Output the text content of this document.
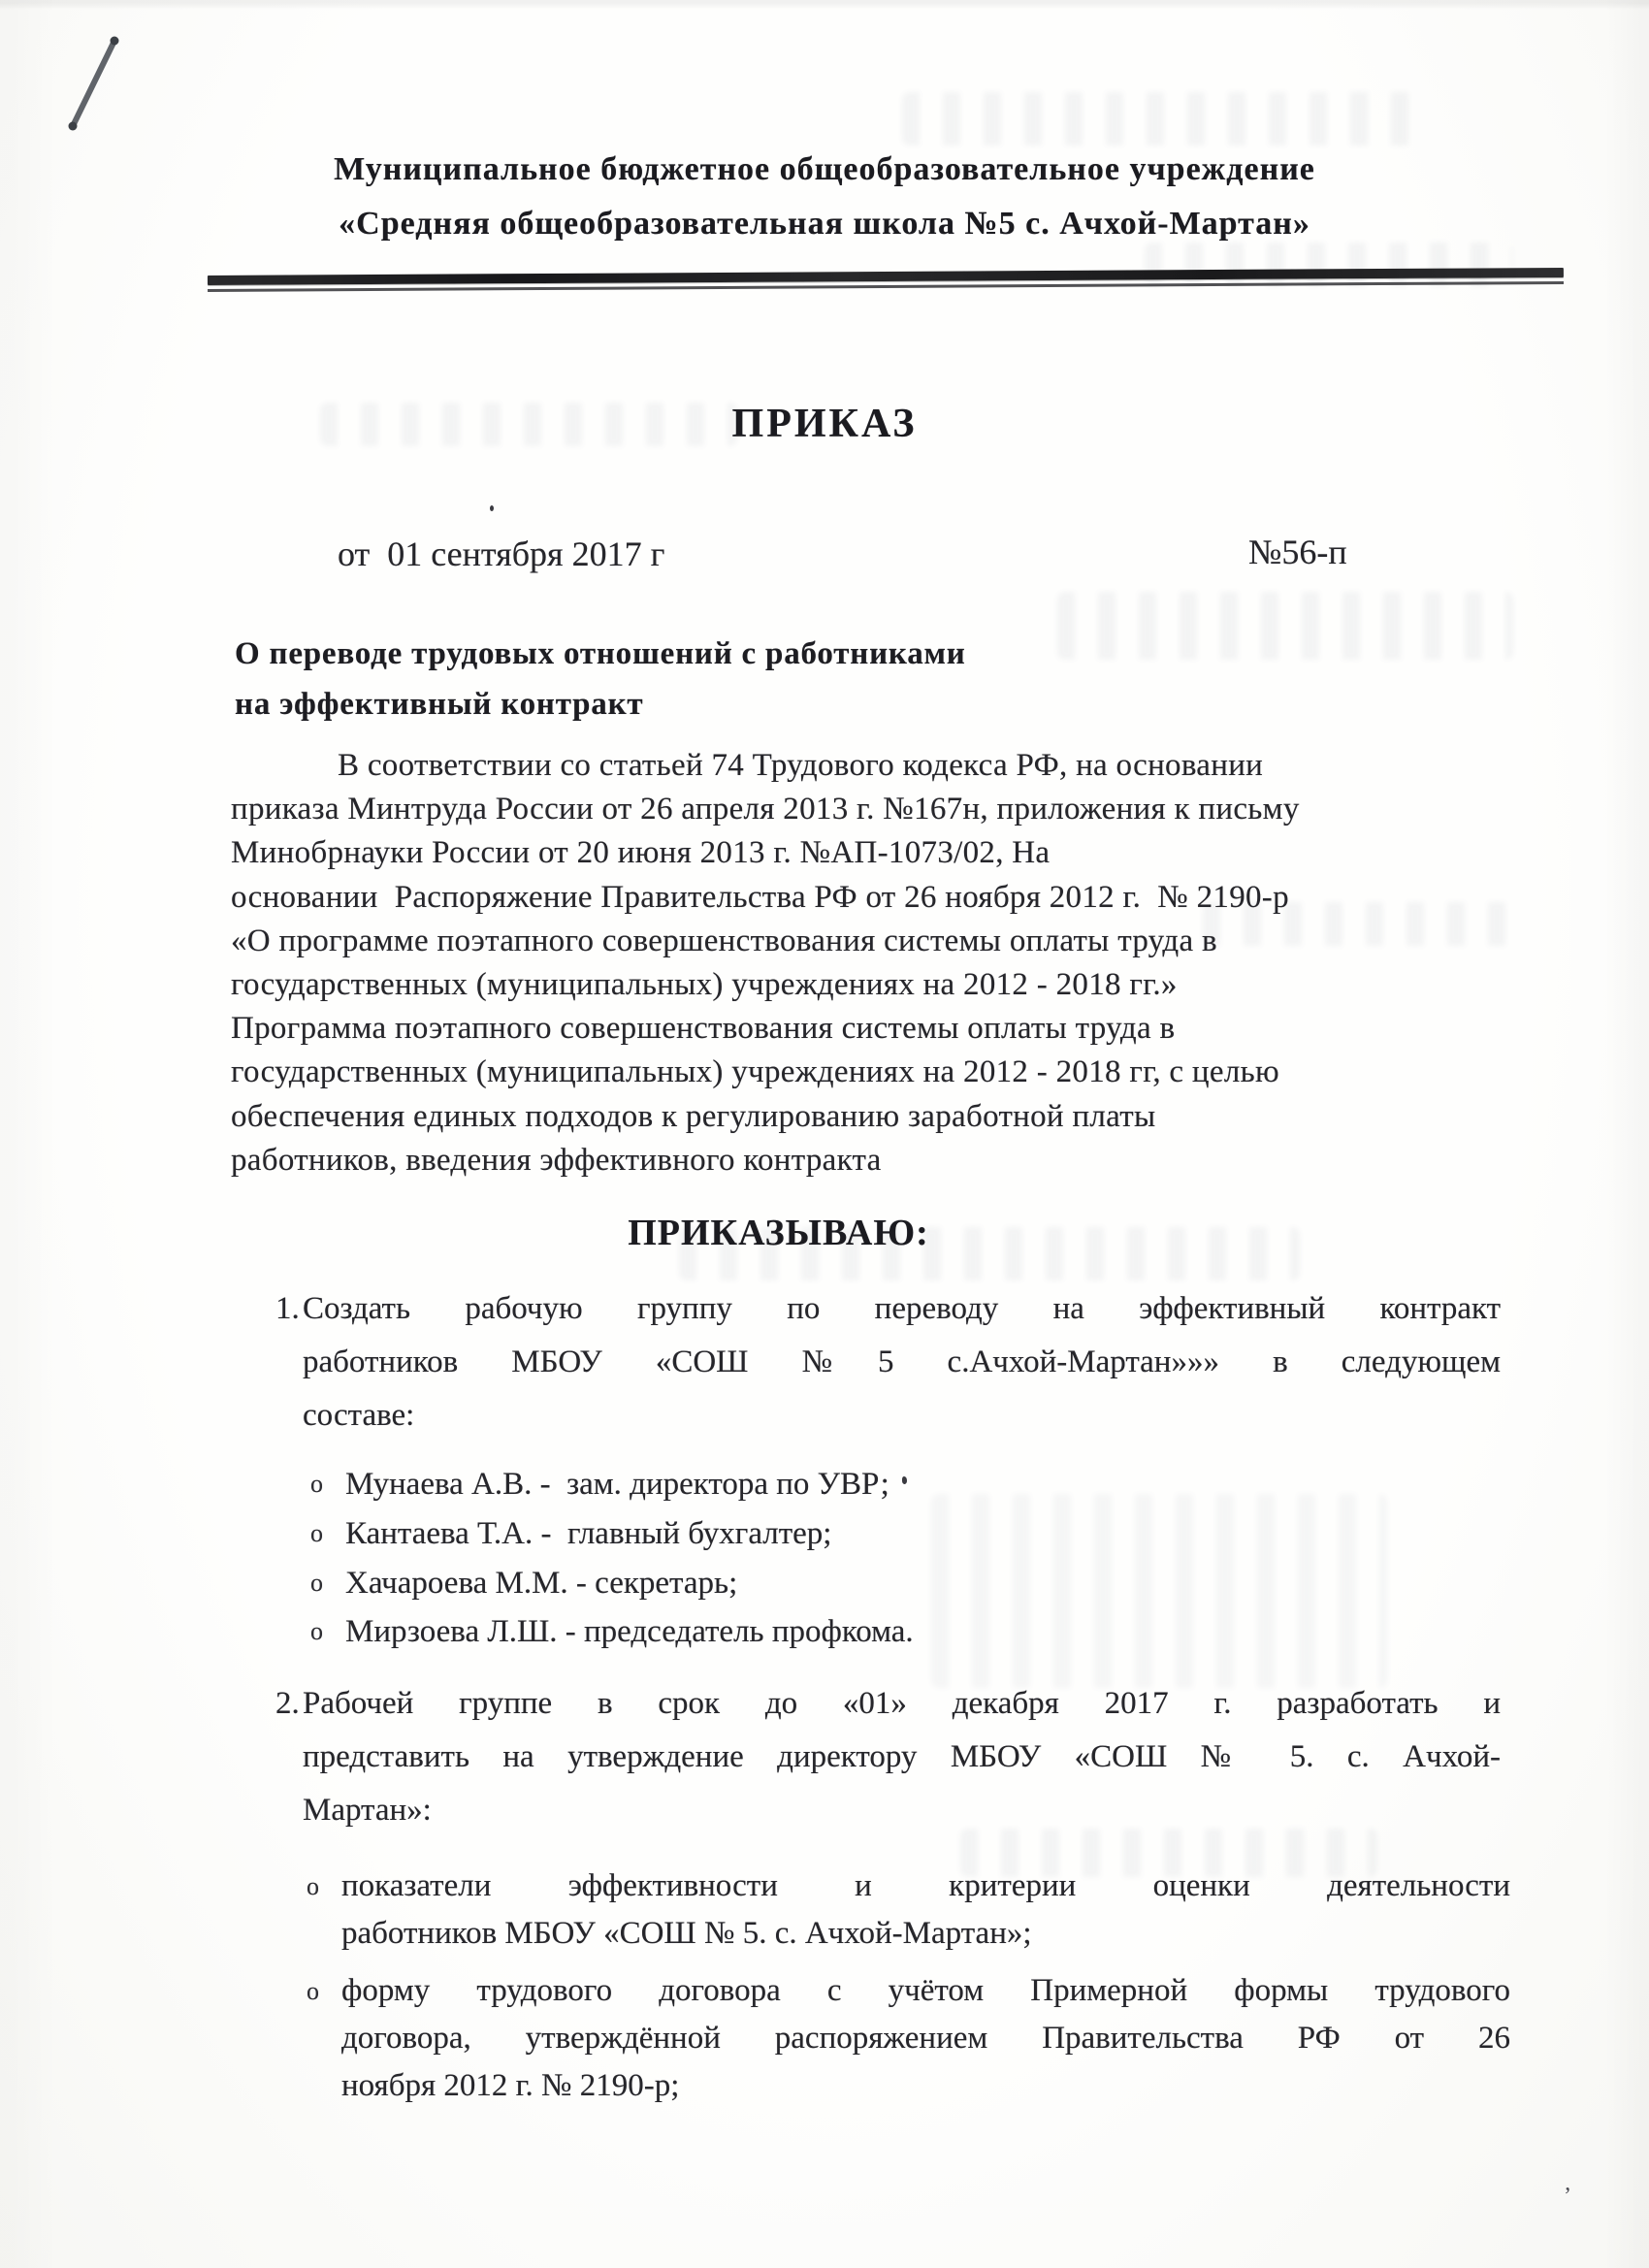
Муниципальное бюджетное общеобразовательное учреждение
«Средняя общеобразовательная школа №5 с. Ачхой-Мартан»
ПРИКАЗ
от  01 сентября 2017 г	№56-п
О переводе трудовых отношений с работниками
на эффективный контракт
В соответствии со статьей 74 Трудового кодекса РФ, на основании
приказа Минтруда России от 26 апреля 2013 г. №167н, приложения к письму
Минобрнауки России от 20 июня 2013 г. №АП-1073/02, На
основании  Распоряжение Правительства РФ от 26 ноября 2012 г.  № 2190-р
«О программе поэтапного совершенствования системы оплаты труда в
государственных (муниципальных) учреждениях на 2012 - 2018 гг.»
Программа поэтапного совершенствования системы оплаты труда в
государственных (муниципальных) учреждениях на 2012 - 2018 гг, с целью
обеспечения единых подходов к регулированию заработной платы
работников, введения эффективного контракта
ПРИКАЗЫВАЮ:
1. Создать рабочую группу по переводу на эффективный контракт
работников МБОУ «СОШ №5 с.Ачхой-Мартан»»» в следующем
составе:
o Мунаева А.В. -  зам. директора по УВР;
o Кантаева Т.А. -  главный бухгалтер;
o Хачароева М.М. - секретарь;
o Мирзоева Л.Ш. - председатель профкома.
2. Рабочей группе в срок до «01» декабря 2017 г. разработать и
представить на утверждение директору МБОУ «СОШ № 5. с. Ачхой-
Мартан»:
o показатели эффективности и критерии оценки деятельности
работников МБОУ «СОШ № 5. с. Ачхой-Мартан»;
o форму трудового договора с учётом Примерной формы трудового
договора, утверждённой распоряжением Правительства РФ от 26
ноября 2012 г. № 2190-р;
’
